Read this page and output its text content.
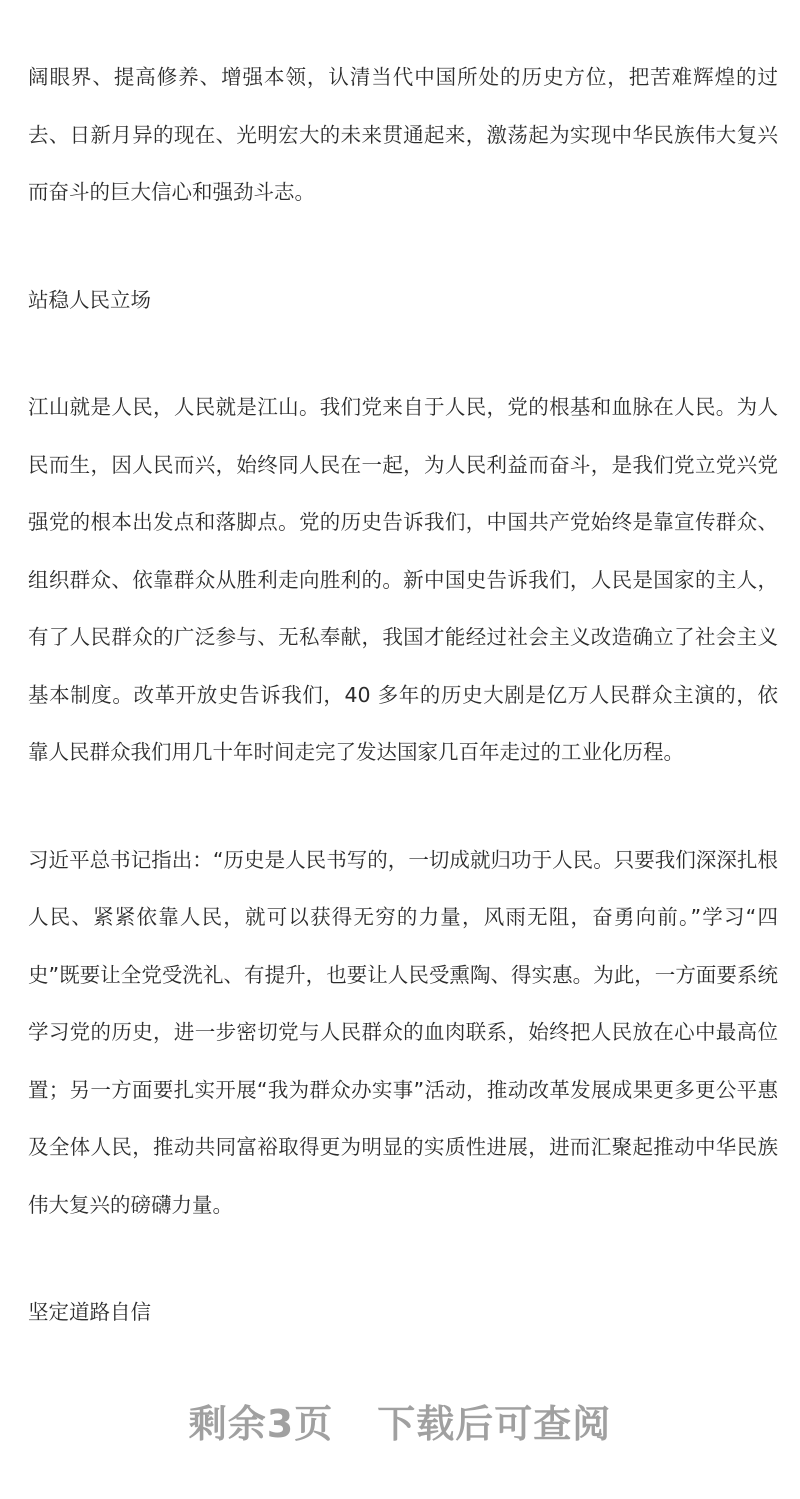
阔眼界、提高修养、增强本领，认清当代中国所处的历史方位，把苦难辉煌的过去、日新月异的现在、光明宏大的未来贯通起来，激荡起为实现中华民族伟大复兴而奋斗的巨大信心和强劲斗志。

站稳人民立场

江山就是人民，人民就是江山。我们党来自于人民，党的根基和血脉在人民。为人民而生，因人民而兴，始终同人民在一起，为人民利益而奋斗，是我们党立党兴党强党的根本出发点和落脚点。党的历史告诉我们，中国共产党始终是靠宣传群众、组织群众、依靠群众从胜利走向胜利的。新中国史告诉我们，人民是国家的主人，有了人民群众的广泛参与、无私奉献，我国才能经过社会主义改造确立了社会主义基本制度。改革开放史告诉我们，40 多年的历史大剧是亿万人民群众主演的，依靠人民群众我们用几十年时间走完了发达国家几百年走过的工业化历程。

习近平总书记指出：“历史是人民书写的，一切成就归功于人民。只要我们深深扎根人民、紧紧依靠人民，就可以获得无穷的力量，风雨无阻，奋勇向前。”学习“四史”既要让全党受洗礼、有提升，也要让人民受熏陶、得实惠。为此，一方面要系统学习党的历史，进一步密切党与人民群众的血肉联系，始终把人民放在心中最高位置；另一方面要扎实开展“我为群众办实事”活动，推动改革发展成果更多更公平惠及全体人民，推动共同富裕取得更为明显的实质性进展，进而汇聚起推动中华民族伟大复兴的磅礴力量。

坚定道路自信

剩余3页 下载后可查阅
